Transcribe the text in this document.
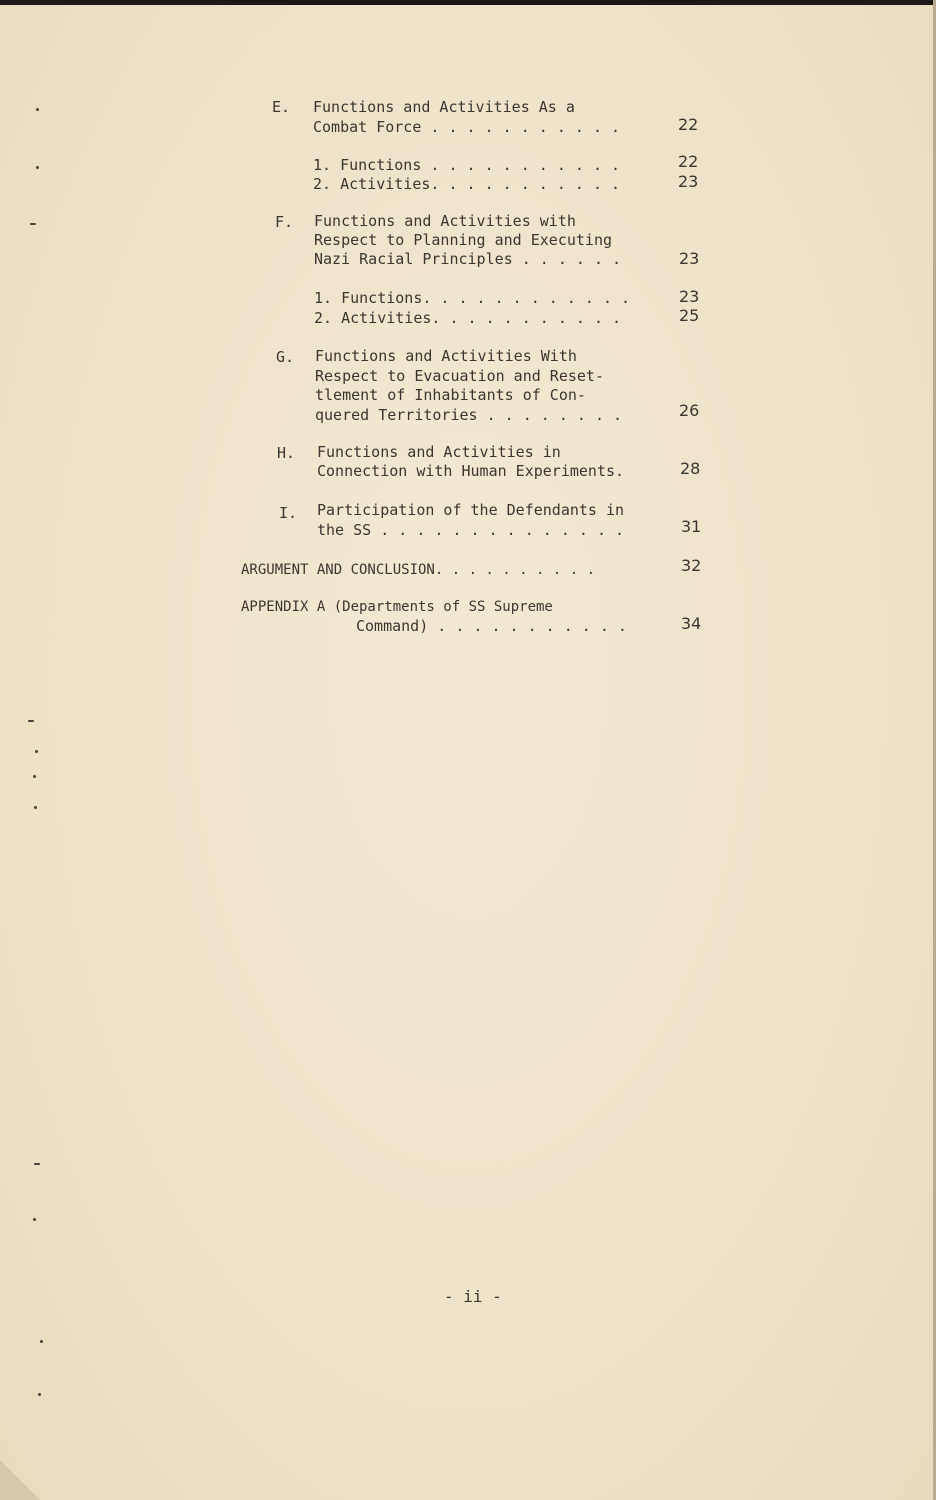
E. Functions and Activities As a
Combat Force . . . . . . . . . . .	22
1. Functions . . . . . . . . . . .	22
2. Activities. . . . . . . . . . .	23
F. Functions and Activities with
Respect to Planning and Executing
Nazi Racial Principles . . . . . .	23
1. Functions. . . . . . . . . . . .	23
2. Activities. . . . . . . . . . .	25
G. Functions and Activities With
Respect to Evacuation and Reset-
tlement of Inhabitants of Con-
quered Territories . . . . . . . .	26
H. Functions and Activities in
Connection with Human Experiments.	28
I. Participation of the Defendants in
the SS . . . . . . . . . . . . . .	31
ARGUMENT AND CONCLUSION. . . . . . . . . .	32
APPENDIX A (Departments of SS Supreme
Command) . . . . . . . . . . .	34
- ii -
